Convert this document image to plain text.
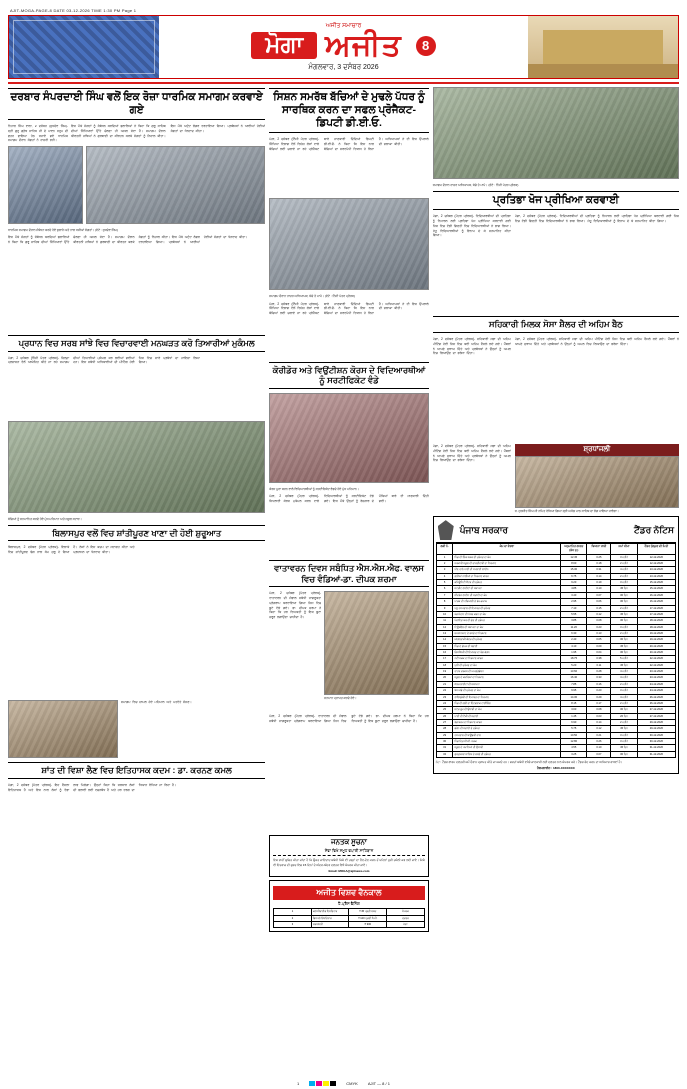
AJIT-MOGA-PAGE-8 DATE 03-12-2026 TIME 1:30 PM Page 1
ਅਜੀਤ ਸਮਾਚਾਰ
ਮੋਗਾ ਅਜੀਤ	8
ਮੰਗਲਵਾਰ, 3 ਦਸੰਬਰ 2026
ਦਰਬਾਰ ਸੰਪਰਦਾਈ ਸਿੰਘ ਵਲੋਂ ਇਕ ਰੋਜ਼ਾ ਧਾਰਮਿਕ ਸਮਾਗਮ ਕਰਵਾਏ ਗਏ
ਨਿਹਾਲ ਸਿੰਘ ਵਾਲਾ, 2 ਦਸੰਬਰ (ਸੁਖਦੇਵ ਸਿੰਘ)- ਸ੍ਰੀ ਗੁਰੂ ਗ੍ਰੰਥ ਸਾਹਿਬ ਜੀ ਦੇ ਪਾਵਨ ਸਰੂਪ ਦੀ ਛਤਰ ਛਾਇਆ ਹੇਠ ਸਜਾਏ ਗਏ ਧਾਰਮਿਕ ਸਮਾਗਮ ਦੌਰਾਨ ਸੰਗਤਾਂ ਨੇ ਹਾਜ਼ਰੀ ਭਰੀ।
ਇਸ ਮੌਕੇ ਸੰਗਤਾਂ ਨੂੰ ਸੰਬੋਧਨ ਕਰਦਿਆਂ ਬੁਲਾਰਿਆਂ ਨੇ ਕਿਹਾ ਕਿ ਗੁਰੂ ਸਾਹਿਬ ਦੀਆਂ ਸਿੱਖਿਆਵਾਂ ਉੱਤੇ ਚੱਲਣਾ ਹੀ ਅਸਲ ਸੇਵਾ ਹੈ। ਸਮਾਗਮ ਦੌਰਾਨ ਕੀਰਤਨੀ ਜਥਿਆਂ ਨੇ ਗੁਰਬਾਣੀ ਦਾ ਕੀਰਤਨ ਕਰਕੇ ਸੰਗਤਾਂ ਨੂੰ ਨਿਹਾਲ ਕੀਤਾ। ਇਸ ਮੌਕੇ ਅਟੁੱਟ ਲੰਗਰ ਵਰਤਾਇਆ ਗਿਆ। ਪ੍ਰਬੰਧਕਾਂ ਨੇ ਆਈਆਂ ਹੋਈਆਂ ਸੰਗਤਾਂ ਦਾ ਧੰਨਵਾਦ ਕੀਤਾ।
ਧਾਰਮਿਕ ਸਮਾਗਮ ਦੌਰਾਨ ਸੰਬੋਧਨ ਕਰਦੇ ਹੋਏ ਬੁਲਾਰੇ ਅਤੇ ਨਾਲ ਖੜੀਆਂ ਸੰਗਤਾਂ। (ਫੋਟੋ : ਸੁਖਦੇਵ ਸਿੰਘ)
ਇਸ ਮੌਕੇ ਸੰਗਤਾਂ ਨੂੰ ਸੰਬੋਧਨ ਕਰਦਿਆਂ ਬੁਲਾਰਿਆਂ ਨੇ ਕਿਹਾ ਕਿ ਗੁਰੂ ਸਾਹਿਬ ਦੀਆਂ ਸਿੱਖਿਆਵਾਂ ਉੱਤੇ ਚੱਲਣਾ ਹੀ ਅਸਲ ਸੇਵਾ ਹੈ। ਸਮਾਗਮ ਦੌਰਾਨ ਕੀਰਤਨੀ ਜਥਿਆਂ ਨੇ ਗੁਰਬਾਣੀ ਦਾ ਕੀਰਤਨ ਕਰਕੇ ਸੰਗਤਾਂ ਨੂੰ ਨਿਹਾਲ ਕੀਤਾ। ਇਸ ਮੌਕੇ ਅਟੁੱਟ ਲੰਗਰ ਵਰਤਾਇਆ ਗਿਆ। ਪ੍ਰਬੰਧਕਾਂ ਨੇ ਆਈਆਂ ਹੋਈਆਂ ਸੰਗਤਾਂ ਦਾ ਧੰਨਵਾਦ ਕੀਤਾ।
ਪ੍ਰਧਾਨ ਵਿਚ ਸਰਬ ਸਾਂਝੇ ਵਿਚ ਵਿਚਾਰਵਾਈ ਮਨਘੜਤ ਕਰੋ ਤਿਆਰੀਆਂ ਮੁਕੰਮਲ
ਮੋਗਾ, 2 ਦਸੰਬਰ (ਨਿੱਜੀ ਪੱਤਰ ਪ੍ਰੇਰਕ)- ਜ਼ਿਲ੍ਹਾ ਪ੍ਰਸ਼ਾਸਨ ਵੱਲੋਂ ਆਯੋਜਿਤ ਕੀਤੇ ਜਾ ਰਹੇ ਸਮਾਗਮ ਦੀਆਂ ਤਿਆਰੀਆਂ ਮੁਕੰਮਲ ਕਰ ਲਈਆਂ ਗਈਆਂ ਹਨ। ਇਸ ਸਬੰਧੀ ਅਧਿਕਾਰੀਆਂ ਦੀ ਮੀਟਿੰਗ ਹੋਈ ਜਿਸ ਵਿਚ ਸਾਰੇ ਪ੍ਰਬੰਧਾਂ ਦਾ ਜਾਇਜ਼ਾ ਲਿਆ ਗਿਆ।
ਬੱਚਿਆਂ ਨੂੰ ਸਨਮਾਨਿਤ ਕਰਦੇ ਹੋਏ ਮੁੱਖ ਮਹਿਮਾਨ ਅਤੇ ਸਕੂਲ ਸਟਾਫ।
ਬਿਲਾਸਪੁਰ ਵਲੋਂ ਵਿਚ ਸ਼ਾਂਤੀਪੂਰਣ ਖਾਣਾ ਦੀ ਹੋਈ ਸ਼ੁਰੂਆਤ
ਬਿਲਾਸਪੁਰ, 2 ਦਸੰਬਰ (ਪੱਤਰ ਪ੍ਰੇਰਕ)- ਇਲਾਕੇ ਵਿਚ ਸ਼ਾਂਤੀਪੂਰਣ ਢੰਗ ਨਾਲ ਕੰਮ ਸ਼ੁਰੂ ਹੋ ਗਿਆ ਹੈ। ਲੋਕਾਂ ਨੇ ਇਸ ਕਦਮ ਦਾ ਸਵਾਗਤ ਕੀਤਾ ਅਤੇ ਪ੍ਰਸ਼ਾਸਨ ਦਾ ਧੰਨਵਾਦ ਕੀਤਾ।
ਸਮਾਗਮ ਵਿਚ ਸ਼ਾਮਲ ਹੋਏ ਮਹਿਮਾਨ ਅਤੇ ਪਤਵੰਤੇ ਸੱਜਣ।
ਸ਼ਾਂਤ ਦੀ ਵਿਸ਼ਾ ਲੈਣ ਵਿਚ ਇਤਿਹਾਸਕ ਕਦਮ : ਡਾ. ਕਰਨਣ ਕਮਲ
ਮੋਗਾ, 2 ਦਸੰਬਰ (ਪੱਤਰ ਪ੍ਰੇਰਕ)- ਇਹ ਫੈਸਲਾ ਇਤਿਹਾਸਕ ਹੈ ਅਤੇ ਇਸ ਨਾਲ ਲੋਕਾਂ ਨੂੰ ਵੱਡਾ ਲਾਭ ਮਿਲੇਗਾ। ਉਨ੍ਹਾਂ ਕਿਹਾ ਕਿ ਸਰਕਾਰ ਲੋਕਾਂ ਦੀ ਭਲਾਈ ਲਈ ਵਚਨਬੱਧ ਹੈ ਅਤੇ ਹਰ ਵਰਗ ਦਾ ਧਿਆਨ ਰੱਖਿਆ ਜਾ ਰਿਹਾ ਹੈ।
ਸਿਸ਼ਨ ਸਮਰੱਥ ਬੱਚਿਆਂ ਦੇ ਮੁਢਲੇ ਪੱਧਰ ਨੂੰ ਸਾਰਥਿਕ ਕਰਨ ਦਾ ਸਫਲ ਪ੍ਰੋਜੈਕਟ-ਡਿਪਟੀ ਡੀ.ਈ.ਓ.
ਮੋਗਾ, 2 ਦਸੰਬਰ (ਨਿੱਜੀ ਪੱਤਰ ਪ੍ਰੇਰਕ)- ਸਿੱਖਿਆ ਵਿਭਾਗ ਵੱਲੋਂ ਵਿਸ਼ੇਸ਼ ਲੋੜਾਂ ਵਾਲੇ ਬੱਚਿਆਂ ਲਈ ਚਲਾਏ ਜਾ ਰਹੇ ਪ੍ਰੋਜੈਕਟ ਬਾਰੇ ਜਾਣਕਾਰੀ ਦਿੰਦਿਆਂ ਡਿਪਟੀ ਡੀ.ਈ.ਓ. ਨੇ ਕਿਹਾ ਕਿ ਇਸ ਨਾਲ ਬੱਚਿਆਂ ਦਾ ਸਰਵਪੱਖੀ ਵਿਕਾਸ ਹੋ ਰਿਹਾ ਹੈ। ਅਧਿਆਪਕਾਂ ਨੇ ਵੀ ਇਸ ਉਪਰਾਲੇ ਦੀ ਸ਼ਲਾਘਾ ਕੀਤੀ।
ਸਮਾਗਮ ਦੌਰਾਨ ਹਾਜ਼ਰ ਅਧਿਆਪਕ, ਬੱਚੇ ਤੇ ਮਾਪੇ। (ਫੋਟੋ : ਨਿੱਜੀ ਪੱਤਰ ਪ੍ਰੇਰਕ)
ਮੋਗਾ, 2 ਦਸੰਬਰ (ਨਿੱਜੀ ਪੱਤਰ ਪ੍ਰੇਰਕ)- ਸਿੱਖਿਆ ਵਿਭਾਗ ਵੱਲੋਂ ਵਿਸ਼ੇਸ਼ ਲੋੜਾਂ ਵਾਲੇ ਬੱਚਿਆਂ ਲਈ ਚਲਾਏ ਜਾ ਰਹੇ ਪ੍ਰੋਜੈਕਟ ਬਾਰੇ ਜਾਣਕਾਰੀ ਦਿੰਦਿਆਂ ਡਿਪਟੀ ਡੀ.ਈ.ਓ. ਨੇ ਕਿਹਾ ਕਿ ਇਸ ਨਾਲ ਬੱਚਿਆਂ ਦਾ ਸਰਵਪੱਖੀ ਵਿਕਾਸ ਹੋ ਰਿਹਾ ਹੈ। ਅਧਿਆਪਕਾਂ ਨੇ ਵੀ ਇਸ ਉਪਰਾਲੇ ਦੀ ਸ਼ਲਾਘਾ ਕੀਤੀ।
ਕੋਰੀਡੋਰ ਅਤੇ ਵਿਉਂਟੀਸ਼ਨ ਕੋਰਸ ਦੇ ਵਿਦਿਆਰਥੀਆਂ ਨੂੰ ਸਰਟੀਫਿਕੇਟ ਵੰਡੇ
ਕੋਰਸ ਪੂਰਾ ਕਰਨ ਵਾਲੇ ਵਿਦਿਆਰਥੀਆਂ ਨੂੰ ਸਰਟੀਫਿਕੇਟ ਵੰਡਦੇ ਹੋਏ ਮੁੱਖ ਮਹਿਮਾਨ।
ਮੋਗਾ, 2 ਦਸੰਬਰ (ਪੱਤਰ ਪ੍ਰੇਰਕ)- ਸਿਖਲਾਈ ਕੋਰਸ ਮੁਕੰਮਲ ਕਰਨ ਵਾਲੇ ਵਿਦਿਆਰਥੀਆਂ ਨੂੰ ਸਰਟੀਫਿਕੇਟ ਵੰਡੇ ਗਏ। ਇਸ ਮੌਕੇ ਉਨ੍ਹਾਂ ਨੂੰ ਰੋਜ਼ਗਾਰ ਦੇ ਮੌਕਿਆਂ ਬਾਰੇ ਵੀ ਜਾਣਕਾਰੀ ਦਿੱਤੀ ਗਈ।
ਵਾਤਾਵਰਨ ਦਿਵਸ ਸਬੰਧਿਤ ਐਸ.ਐਸ.ਐਫ. ਵਾਲਸ ਵਿਚ ਵੰਡਿਆਂ-ਡਾ. ਦੀਪਕ ਸ਼ਰਮਾ
ਮੋਗਾ, 2 ਦਸੰਬਰ (ਪੱਤਰ ਪ੍ਰੇਰਕ)- ਵਾਤਾਵਰਨ ਦੀ ਸੰਭਾਲ ਸਬੰਧੀ ਜਾਗਰੂਕਤਾ ਪ੍ਰੋਗਰਾਮ ਕਰਵਾਇਆ ਗਿਆ ਜਿਸ ਵਿਚ ਬੂਟੇ ਵੰਡੇ ਗਏ। ਡਾ. ਦੀਪਕ ਸ਼ਰਮਾ ਨੇ ਕਿਹਾ ਕਿ ਹਰ ਵਿਅਕਤੀ ਨੂੰ ਇਕ ਬੂਟਾ ਜ਼ਰੂਰ ਲਗਾਉਣਾ ਚਾਹੀਦਾ ਹੈ।
ਸਨਮਾਨ ਪ੍ਰਾਪਤ ਕਰਦੇ ਹੋਏ।
ਮੋਗਾ, 2 ਦਸੰਬਰ (ਪੱਤਰ ਪ੍ਰੇਰਕ)- ਵਾਤਾਵਰਨ ਦੀ ਸੰਭਾਲ ਸਬੰਧੀ ਜਾਗਰੂਕਤਾ ਪ੍ਰੋਗਰਾਮ ਕਰਵਾਇਆ ਗਿਆ ਜਿਸ ਵਿਚ ਬੂਟੇ ਵੰਡੇ ਗਏ। ਡਾ. ਦੀਪਕ ਸ਼ਰਮਾ ਨੇ ਕਿਹਾ ਕਿ ਹਰ ਵਿਅਕਤੀ ਨੂੰ ਇਕ ਬੂਟਾ ਜ਼ਰੂਰ ਲਗਾਉਣਾ ਚਾਹੀਦਾ ਹੈ।
ਜਨਤਕ ਸੂਚਨਾ
ਸੇਵਾ ਵਿਖੇ ਸਮੂਹ ਵਪਾਰੀ ਸਾਹਿਬਾਨ
ਇਸ ਰਾਹੀਂ ਸੂਚਿਤ ਕੀਤਾ ਜਾਂਦਾ ਹੈ ਕਿ ਉਕਤ ਜਾਇਦਾਦ ਸਬੰਧੀ ਕਿਸੇ ਵੀ ਤਰ੍ਹਾਂ ਦਾ ਲੈਣ-ਦੇਣ ਕਰਨ ਤੋਂ ਪਹਿਲਾਂ ਪੂਰੀ ਤਸੱਲੀ ਕਰ ਲਈ ਜਾਵੇ। ਕਿਸੇ ਵੀ ਇਤਰਾਜ਼ ਦੀ ਸੂਰਤ ਵਿਚ 15 ਦਿਨਾਂ ਦੇ ਅੰਦਰ-ਅੰਦਰ ਦਫ਼ਤਰ ਵਿਖੇ ਸੰਪਰਕ ਕੀਤਾ ਜਾਵੇ।
Email: MOGA@ajitnews.com
ਅਜੀਤ ਵਿਸ਼ਵ ਵੈਨਕਾਲ
ਹੈ-ਪ੍ਰੈਸ ਵੈਨਿੰਗ
1	ਕਲਾਸੀਫਾਈਡ ਇਸ਼ਤਿਹਾਰ	₹ 45 ਪ੍ਰਤੀ ਸ਼ਬਦ	ਸੰਪਰਕ
2	ਡਿਸਪਲੇ ਇਸ਼ਤਿਹਾਰ	₹ 120 ਪ੍ਰਤੀ ਸੈ.ਮੀ.	ਦਫ਼ਤਰ
3	ਸ਼ਰਧਾਂਜਲੀ	₹ 900	ਮੋਗਾ
ਸਮਾਗਮ ਦੌਰਾਨ ਹਾਜ਼ਰ ਅਧਿਆਪਕ, ਬੱਚੇ ਤੇ ਮਾਪੇ। (ਫੋਟੋ : ਨਿੱਜੀ ਪੱਤਰ ਪ੍ਰੇਰਕ)
ਪ੍ਰਤਿਭਾ ਖੋਜ ਪ੍ਰੀਖਿਆ ਕਰਵਾਈ
ਮੋਗਾ, 2 ਦਸੰਬਰ (ਪੱਤਰ ਪ੍ਰੇਰਕ)- ਵਿਦਿਆਰਥੀਆਂ ਦੀ ਪ੍ਰਤਿਭਾ ਨੂੰ ਨਿਖਾਰਨ ਲਈ ਪ੍ਰਤਿਭਾ ਖੋਜ ਪ੍ਰੀਖਿਆ ਕਰਵਾਈ ਗਈ ਜਿਸ ਵਿਚ ਵੱਡੀ ਗਿਣਤੀ ਵਿਚ ਵਿਦਿਆਰਥੀਆਂ ਨੇ ਭਾਗ ਲਿਆ। ਜੇਤੂ ਵਿਦਿਆਰਥੀਆਂ ਨੂੰ ਇਨਾਮ ਦੇ ਕੇ ਸਨਮਾਨਿਤ ਕੀਤਾ ਗਿਆ।
ਮੋਗਾ, 2 ਦਸੰਬਰ (ਪੱਤਰ ਪ੍ਰੇਰਕ)- ਵਿਦਿਆਰਥੀਆਂ ਦੀ ਪ੍ਰਤਿਭਾ ਨੂੰ ਨਿਖਾਰਨ ਲਈ ਪ੍ਰਤਿਭਾ ਖੋਜ ਪ੍ਰੀਖਿਆ ਕਰਵਾਈ ਗਈ ਜਿਸ ਵਿਚ ਵੱਡੀ ਗਿਣਤੀ ਵਿਚ ਵਿਦਿਆਰਥੀਆਂ ਨੇ ਭਾਗ ਲਿਆ। ਜੇਤੂ ਵਿਦਿਆਰਥੀਆਂ ਨੂੰ ਇਨਾਮ ਦੇ ਕੇ ਸਨਮਾਨਿਤ ਕੀਤਾ ਗਿਆ।
ਸਹਿਕਾਰੀ ਮਿਲਕ ਸੋਸਾ ਸ਼ੈਲਰ ਦੀ ਅਹਿਮ ਬੈਠ
ਮੋਗਾ, 2 ਦਸੰਬਰ (ਪੱਤਰ ਪ੍ਰੇਰਕ)- ਸਹਿਕਾਰੀ ਸਭਾ ਦੀ ਅਹਿਮ ਮੀਟਿੰਗ ਹੋਈ ਜਿਸ ਵਿਚ ਕਈ ਅਹਿਮ ਫੈਸਲੇ ਲਏ ਗਏ। ਮੈਂਬਰਾਂ ਨੇ ਆਪਣੇ ਸੁਝਾਅ ਦਿੱਤੇ ਅਤੇ ਪ੍ਰਬੰਧਕਾਂ ਨੇ ਉਨ੍ਹਾਂ ਨੂੰ ਅਮਲ ਵਿਚ ਲਿਆਉਣ ਦਾ ਭਰੋਸਾ ਦਿੱਤਾ।
ਮੋਗਾ, 2 ਦਸੰਬਰ (ਪੱਤਰ ਪ੍ਰੇਰਕ)- ਸਹਿਕਾਰੀ ਸਭਾ ਦੀ ਅਹਿਮ ਮੀਟਿੰਗ ਹੋਈ ਜਿਸ ਵਿਚ ਕਈ ਅਹਿਮ ਫੈਸਲੇ ਲਏ ਗਏ। ਮੈਂਬਰਾਂ ਨੇ ਆਪਣੇ ਸੁਝਾਅ ਦਿੱਤੇ ਅਤੇ ਪ੍ਰਬੰਧਕਾਂ ਨੇ ਉਨ੍ਹਾਂ ਨੂੰ ਅਮਲ ਵਿਚ ਲਿਆਉਣ ਦਾ ਭਰੋਸਾ ਦਿੱਤਾ।
ਮੋਗਾ, 2 ਦਸੰਬਰ (ਪੱਤਰ ਪ੍ਰੇਰਕ)- ਸਹਿਕਾਰੀ ਸਭਾ ਦੀ ਅਹਿਮ ਮੀਟਿੰਗ ਹੋਈ ਜਿਸ ਵਿਚ ਕਈ ਅਹਿਮ ਫੈਸਲੇ ਲਏ ਗਏ। ਮੈਂਬਰਾਂ ਨੇ ਆਪਣੇ ਸੁਝਾਅ ਦਿੱਤੇ ਅਤੇ ਪ੍ਰਬੰਧਕਾਂ ਨੇ ਉਨ੍ਹਾਂ ਨੂੰ ਅਮਲ ਵਿਚ ਲਿਆਉਣ ਦਾ ਭਰੋਸਾ ਦਿੱਤਾ।
ਸ਼੍ਰਧਾਂਜਲੀ
ਸ. ਸੁਰਜੀਤ ਸਿੰਘ ਜੀ ਨਮਿਤ ਰੱਖਿਆ ਗਿਆ ਸ਼੍ਰੀ ਅਖੰਡ ਪਾਠ ਸਾਹਿਬ ਦਾ ਭੋਗ ਪਾਇਆ ਜਾਵੇਗਾ।
ਪੰਜਾਬ ਸਰਕਾਰ	ਟੈਂਡਰ ਨੋਟਿਸ
ਲੜੀ ਨੰ.	ਕੰਮ ਦਾ ਵੇਰਵਾ	ਅਨੁਮਾਨਿਤ ਲਾਗਤ (ਲੱਖ ਰੁ.)	ਬਿਆਨਾ ਰਾਸ਼ੀ	ਸਮਾਂ ਸੀਮਾ	ਟੈਂਡਰ ਖੁੱਲ੍ਹਣ ਦੀ ਮਿਤੀ
1	ਪਿੰਡ ਦੀ ਲਿੰਕ ਸੜਕ ਦੀ ਮੁਰੰਮਤ ਦਾ ਕੰਮ	12.45	0.25	3 ਮਹੀਨੇ	12-12-2026
2	ਸਰਕਾਰੀ ਸਕੂਲ ਦੀ ਚਾਰਦੀਵਾਰੀ ਦਾ ਨਿਰਮਾਣ	8.60	0.18	2 ਮਹੀਨੇ	12-12-2026
3	ਪੀਣ ਵਾਲੇ ਪਾਣੀ ਦੀ ਸਪਲਾਈ ਲਾਈਨ	15.30	0.31	4 ਮਹੀਨੇ	13-12-2026
4	ਗਲੀਆਂ ਨਾਲੀਆਂ ਦਾ ਨਿਰਮਾਣ ਕਾਰਜ	6.75	0.14	2 ਮਹੀਨੇ	13-12-2026
5	ਕਮਿਊਨਿਟੀ ਸੈਂਟਰ ਦੀ ਮੁਰੰਮਤ	9.20	0.19	3 ਮਹੀਨੇ	15-12-2026
6	ਸਟਰੀਟ ਲਾਈਟਾਂ ਦੀ ਸਥਾਪਨਾ	4.85	0.10	45 ਦਿਨ	15-12-2026
7	ਸੀਵਰੇਜ ਲਾਈਨ ਦੀ ਸਫ਼ਾਈ ਦਾ ਕੰਮ	3.40	0.07	30 ਦਿਨ	16-12-2026
8	ਪਾਰਕ ਦੀ ਹਰਿਆਲੀ ਤੇ ਰੱਖ-ਰਖਾਅ	2.95	0.06	30 ਦਿਨ	16-12-2026
9	ਪਸ਼ੂ ਹਸਪਤਾਲ ਦੀ ਇਮਾਰਤ ਦੀ ਮੁਰੰਮਤ	7.10	0.15	2 ਮਹੀਨੇ	17-12-2026
10	ਖੇਡ ਮੈਦਾਨ ਦੀ ਪੱਧਰ ਕਰਨ ਦਾ ਕੰਮ	5.55	0.12	45 ਦਿਨ	17-12-2026
11	ਪੰਚਾਇਤ ਘਰ ਦੀ ਛੱਤ ਦੀ ਮੁਰੰਮਤ	3.85	0.08	30 ਦਿਨ	18-12-2026
12	ਟਿਊਬਵੈੱਲ ਦੀ ਸਥਾਪਨਾ ਦਾ ਕੰਮ	11.20	0.23	3 ਮਹੀਨੇ	18-12-2026
13	ਸ਼ਮਸ਼ਾਨਘਾਟ ਦੇ ਰਸਤੇ ਦਾ ਨਿਰਮਾਣ	6.30	0.13	2 ਮਹੀਨੇ	19-12-2026
14	ਆਂਗਣਵਾੜੀ ਕੇਂਦਰ ਦੀ ਮੁਰੰਮਤ	2.40	0.05	30 ਦਿਨ	19-12-2026
15	ਪਿੰਡ ਦੇ ਛੱਪੜ ਦੀ ਸਫ਼ਾਈ	4.10	0.09	45 ਦਿਨ	20-12-2026
16	ਡਿਸਪੈਂਸਰੀ ਦੀ ਇਮਾਰਤ ਦਾ ਰੰਗ-ਰੋਗਨ	1.95	0.04	30 ਦਿਨ	20-12-2026
17	ਨਵੀਂ ਸੜਕ ਦਾ ਨਿਰਮਾਣ ਕਾਰਜ	18.75	0.38	5 ਮਹੀਨੇ	22-12-2026
18	ਪੁਲੀ ਦੀ ਮੁਰੰਮਤ ਦਾ ਕੰਮ	5.20	0.11	45 ਦਿਨ	22-12-2026
19	ਵਾਟਰ ਵਰਕਸ ਦੀ ਅਪਗ੍ਰੇਡੇਸ਼ਨ	13.60	0.28	4 ਮਹੀਨੇ	23-12-2026
20	ਸਕੂਲ ਦੇ ਕਮਰਿਆਂ ਦਾ ਨਿਰਮਾਣ	16.40	0.33	4 ਮਹੀਨੇ	23-12-2026
21	ਸੋਲਰ ਲਾਈਟਾਂ ਦੀ ਸਥਾਪਨਾ	7.85	0.16	2 ਮਹੀਨੇ	24-12-2026
22	ਬੱਸ ਅੱਡੇ ਦੀ ਮੁਰੰਮਤ ਦਾ ਕੰਮ	9.95	0.20	3 ਮਹੀਨੇ	24-12-2026
23	ਲਾਇਬ੍ਰੇਰੀ ਦੀ ਇਮਾਰਤ ਦਾ ਨਿਰਮਾਣ	14.30	0.29	4 ਮਹੀਨੇ	26-12-2026
24	ਪਿੰਡ ਦੀ ਗਲੀ ਦਾ ਇੰਟਰਲਾਕ ਟਾਈਲਿੰਗ	8.15	0.17	2 ਮਹੀਨੇ	26-12-2026
25	ਸਟੋਰ ਰੂਮ ਦੀ ਉਸਾਰੀ ਦਾ ਕੰਮ	3.60	0.08	30 ਦਿਨ	27-12-2026
26	ਪਾਣੀ ਦੀ ਟੈਂਕੀ ਦੀ ਸਫ਼ਾਈ	1.45	0.03	20 ਦਿਨ	27-12-2026
27	ਰੋਡ ਬਰਮ ਦਾ ਨਿਰਮਾਣ ਕਾਰਜ	6.90	0.14	2 ਮਹੀਨੇ	29-12-2026
28	ਡਰੇਨ ਦੀ ਸਫ਼ਾਈ ਤੇ ਮੁਰੰਮਤ	5.75	0.12	45 ਦਿਨ	29-12-2026
29	ਹਸਪਤਾਲ ਦੀ ਬਾਊਂਡਰੀ ਵਾਲ	10.50	0.21	3 ਮਹੀਨੇ	30-12-2026
30	ਪਿੰਡ ਵਿਚ ਸੀ.ਸੀ. ਸੜਕ	12.80	0.26	3 ਮਹੀਨੇ	30-12-2026
31	ਸਕੂਲ ਦੇ ਪਖਾਨਿਆਂ ਦੀ ਉਸਾਰੀ	4.55	0.10	45 ਦਿਨ	31-12-2026
32	ਗੁਰਦੁਆਰਾ ਸਾਹਿਬ ਦੇ ਰਸਤੇ ਦੀ ਮੁਰੰਮਤ	3.25	0.07	30 ਦਿਨ	31-12-2026
ਨੋਟ : ਟੈਂਡਰ ਫਾਰਮ ਦਫ਼ਤਰੀ ਸਮੇਂ ਦੌਰਾਨ ਪ੍ਰਾਪਤ ਕੀਤੇ ਜਾ ਸਕਦੇ ਹਨ। ਸ਼ਰਤਾਂ ਸਬੰਧੀ ਵਧੇਰੇ ਜਾਣਕਾਰੀ ਲਈ ਦਫ਼ਤਰ ਨਾਲ ਸੰਪਰਕ ਕਰੋ। ਟੈਂਡਰ ਰੱਦ ਕਰਨ ਦਾ ਅਧਿਕਾਰ ਰਾਖਵਾਂ ਹੈ।
ਹੈਲਪਲਾਈਨ : 1800-XXXXXXX
1	CMYK	AJIT — 8 / 1
